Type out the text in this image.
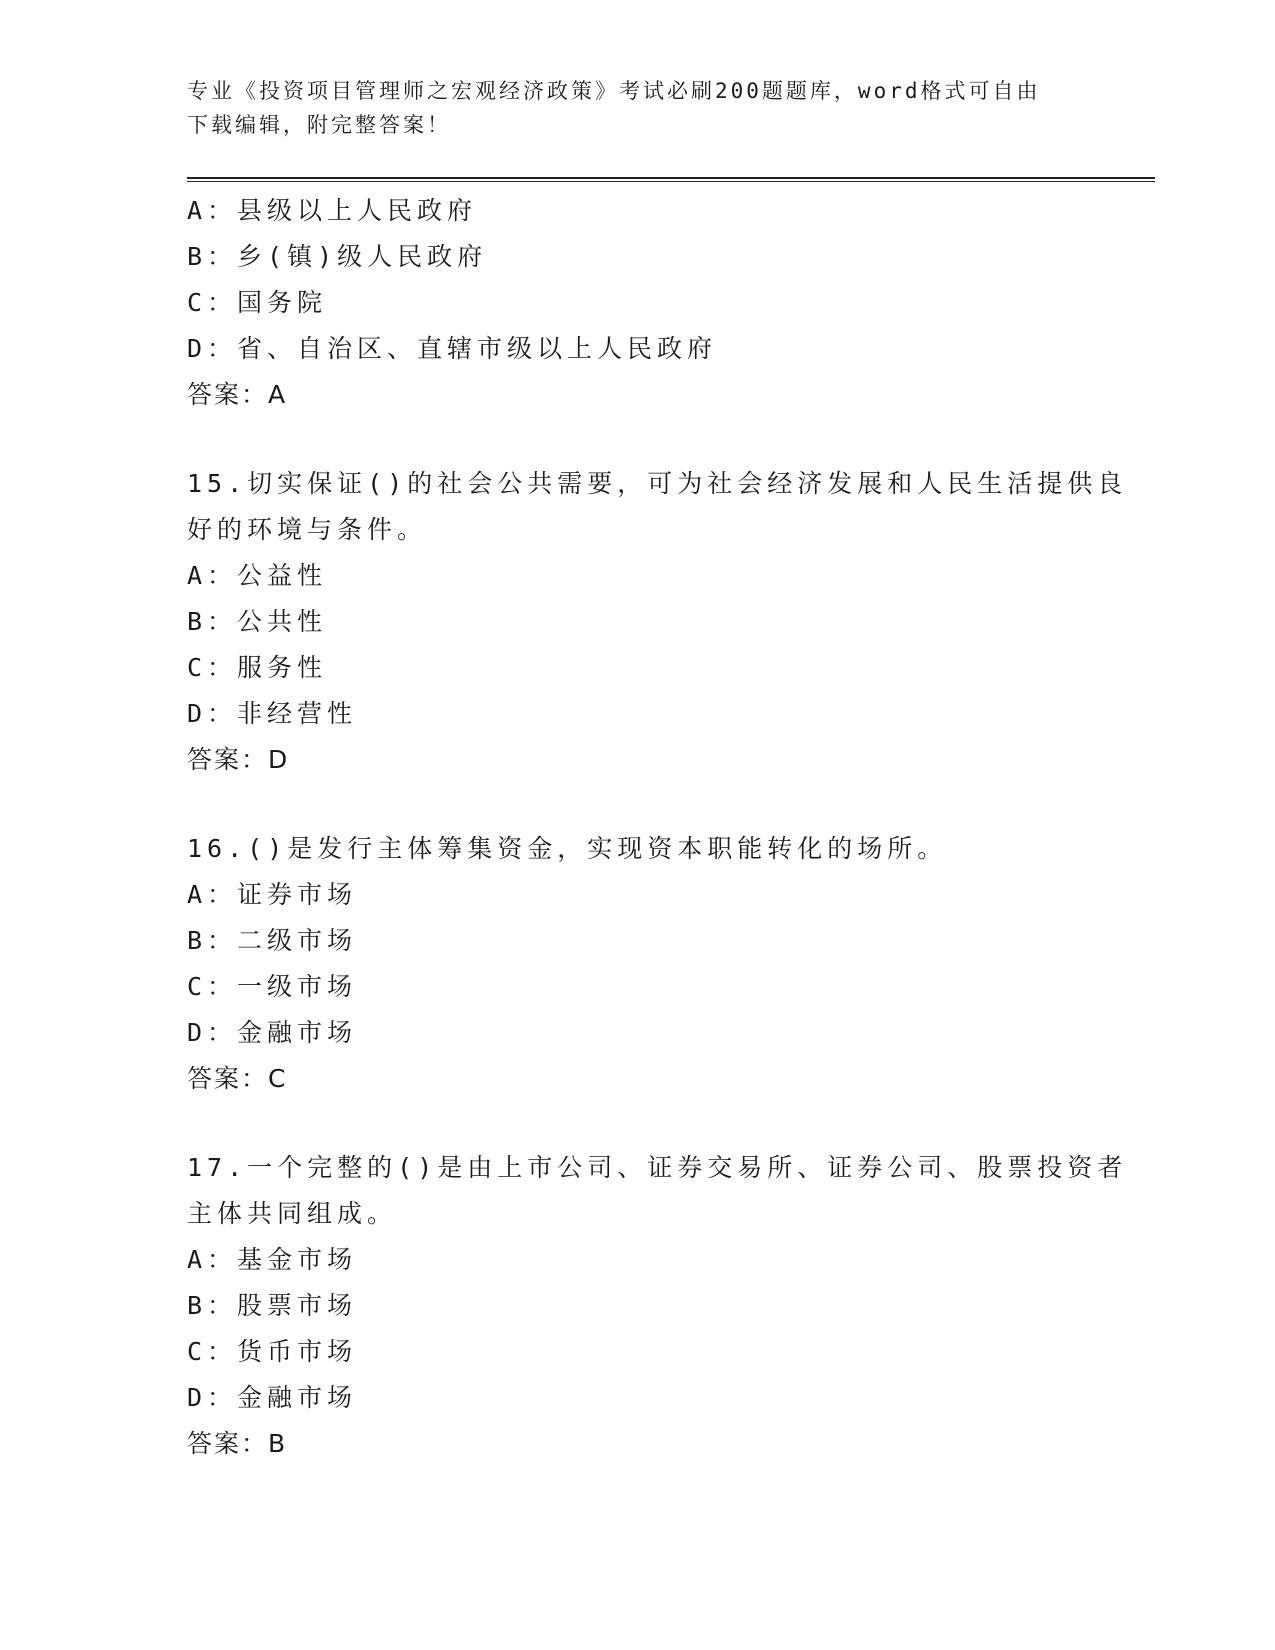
专业《投资项目管理师之宏观经济政策》考试必刷200题题库，word格式可自由
下载编辑，附完整答案！
A：县级以上人民政府
B：乡(镇)级人民政府
C：国务院
D：省、自治区、直辖市级以上人民政府
答案：A
15.切实保证()的社会公共需要，可为社会经济发展和人民生活提供良
好的环境与条件。
A：公益性
B：公共性
C：服务性
D：非经营性
答案：D
16.()是发行主体筹集资金，实现资本职能转化的场所。
A：证券市场
B：二级市场
C：一级市场
D：金融市场
答案：C
17.一个完整的()是由上市公司、证券交易所、证券公司、股票投资者
主体共同组成。
A：基金市场
B：股票市场
C：货币市场
D：金融市场
答案：B
